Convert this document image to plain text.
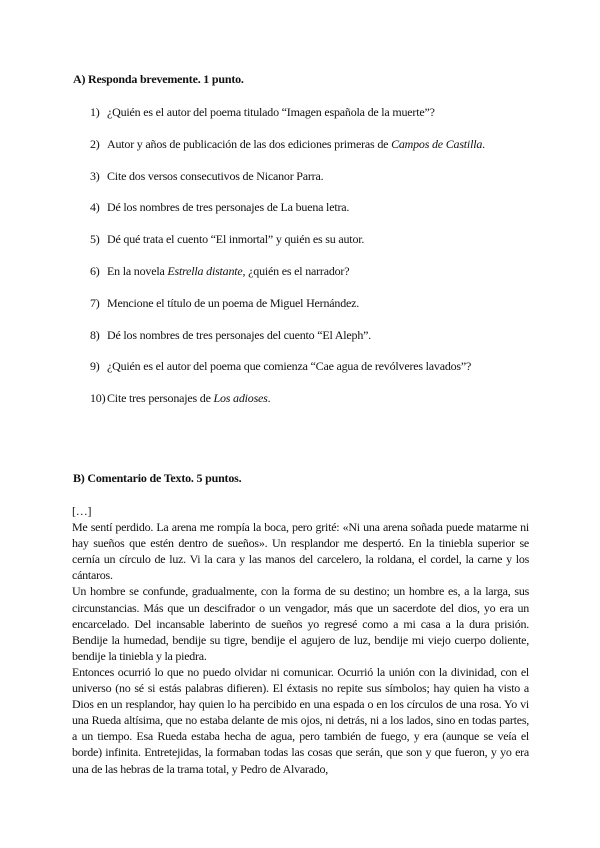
A) Responda brevemente. 1 punto.
1) ¿Quién es el autor del poema titulado “Imagen española de la muerte”?
2) Autor y años de publicación de las dos ediciones primeras de Campos de Castilla.
3) Cite dos versos consecutivos de Nicanor Parra.
4) Dé los nombres de tres personajes de La buena letra.
5) Dé qué trata el cuento “El inmortal” y quién es su autor.
6) En la novela Estrella distante, ¿quién es el narrador?
7) Mencione el título de un poema de Miguel Hernández.
8) Dé los nombres de tres personajes del cuento “El Aleph”.
9) ¿Quién es el autor del poema que comienza “Cae agua de revólveres lavados”?
10) Cite tres personajes de Los adioses.
B) Comentario de Texto. 5 puntos.

[…]

Me sentí perdido. La arena me rompía la boca, pero grité: «Ni una arena soñada puede matarme ni hay sueños que estén dentro de sueños». Un resplandor me despertó. En la tiniebla superior se cernía un círculo de luz. Vi la cara y las manos del carcelero, la roldana, el cordel, la carne y los cántaros.

Un hombre se confunde, gradualmente, con la forma de su destino; un hombre es, a la larga, sus circunstancias. Más que un descifrador o un vengador, más que un sacerdote del dios, yo era un encarcelado. Del incansable laberinto de sueños yo regresé como a mi casa a la dura prisión. Bendije la humedad, bendije su tigre, bendije el agujero de luz, bendije mi viejo cuerpo doliente, bendije la tiniebla y la piedra.

Entonces ocurrió lo que no puedo olvidar ni comunicar. Ocurrió la unión con la divinidad, con el universo (no sé si estás palabras difieren). El éxtasis no repite sus símbolos; hay quien ha visto a Dios en un resplandor, hay quien lo ha percibido en una espada o en los círculos de una rosa. Yo vi una Rueda altísima, que no estaba delante de mis ojos, ni detrás, ni a los lados, sino en todas partes, a un tiempo. Esa Rueda estaba hecha de agua, pero también de fuego, y era (aunque se veía el borde) infinita. Entretejidas, la formaban todas las cosas que serán, que son y que fueron, y yo era una de las hebras de la trama total, y Pedro de Alvarado,
